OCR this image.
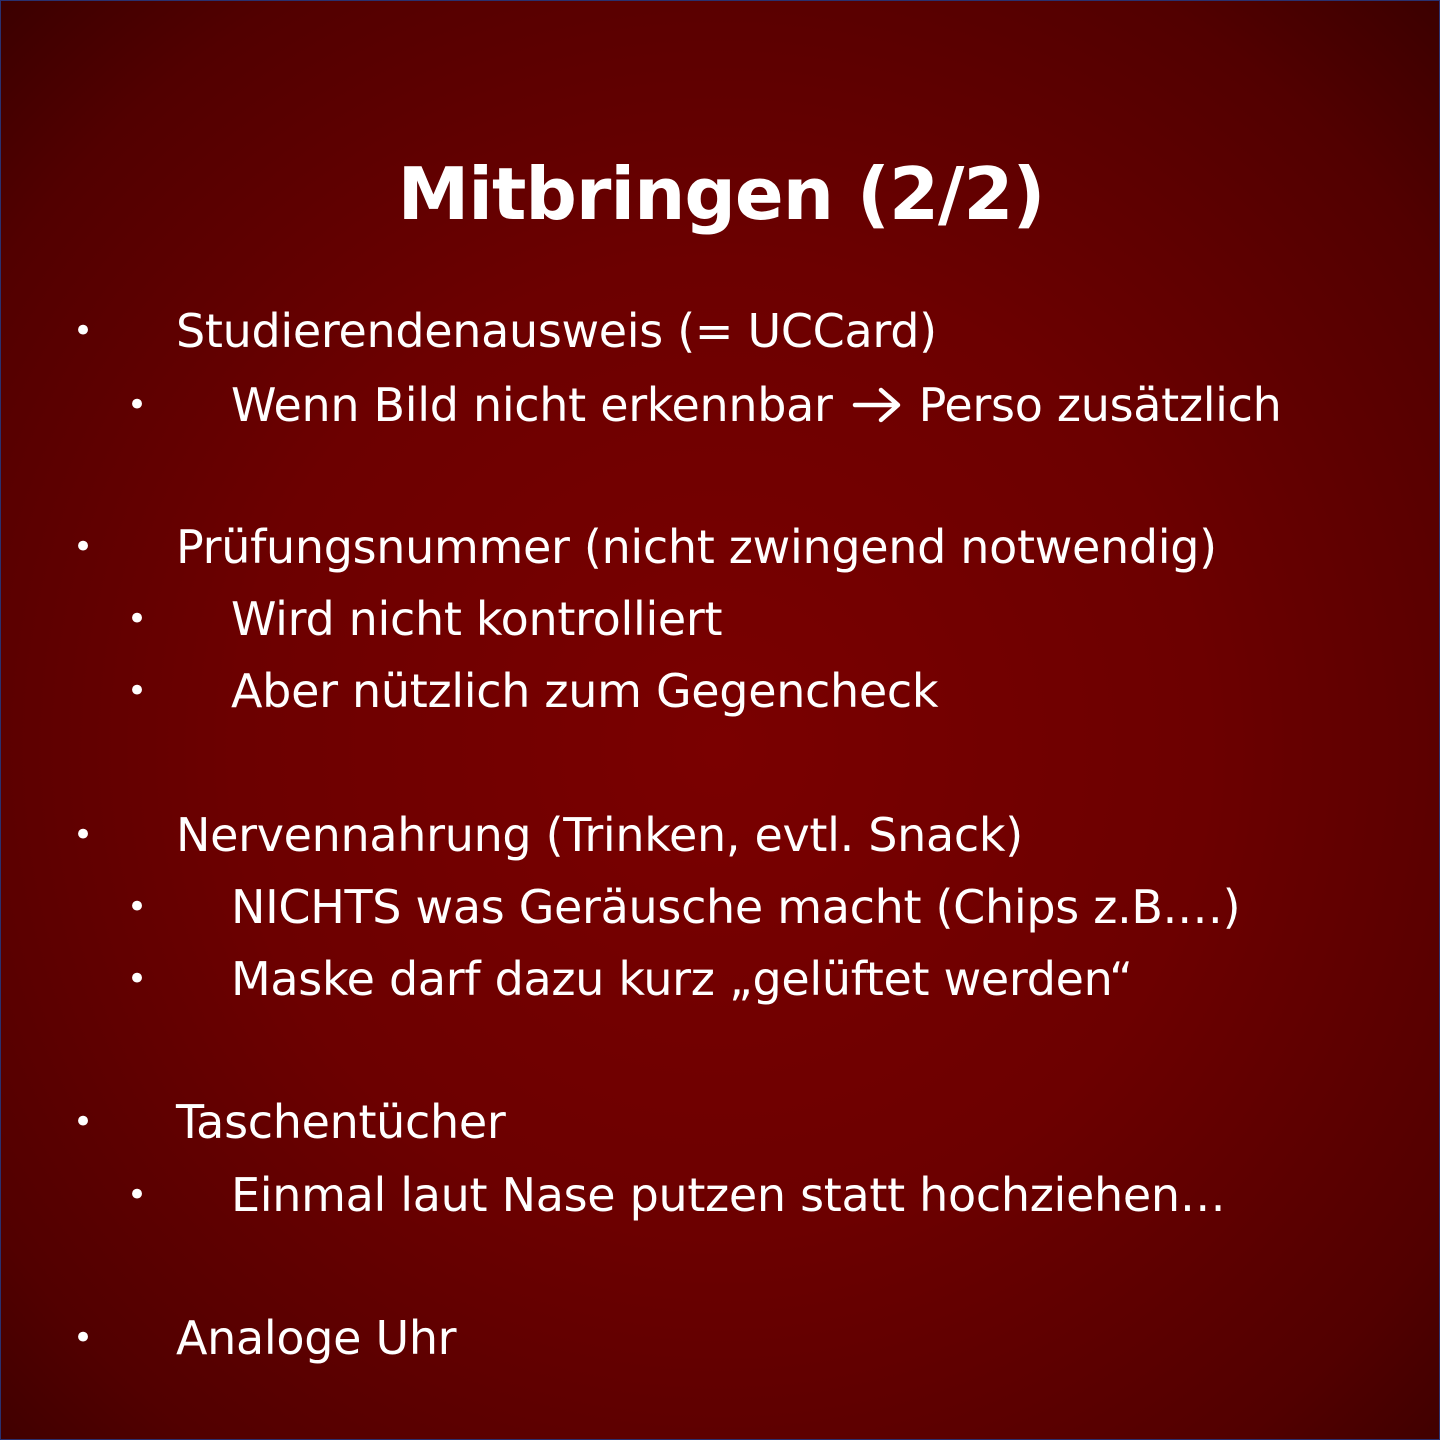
Mitbringen (2/2)
• Studierendenausweis (= UCCard)
• Wenn Bild nicht erkennbar Perso zusätzlich
• Prüfungsnummer (nicht zwingend notwendig)
• Wird nicht kontrolliert
• Aber nützlich zum Gegencheck
• Nervennahrung (Trinken, evtl. Snack)
• NICHTS was Geräusche macht (Chips z.B.…)
• Maske darf dazu kurz „gelüftet werden“
• Taschentücher
• Einmal laut Nase putzen statt hochziehen…
• Analoge Uhr
